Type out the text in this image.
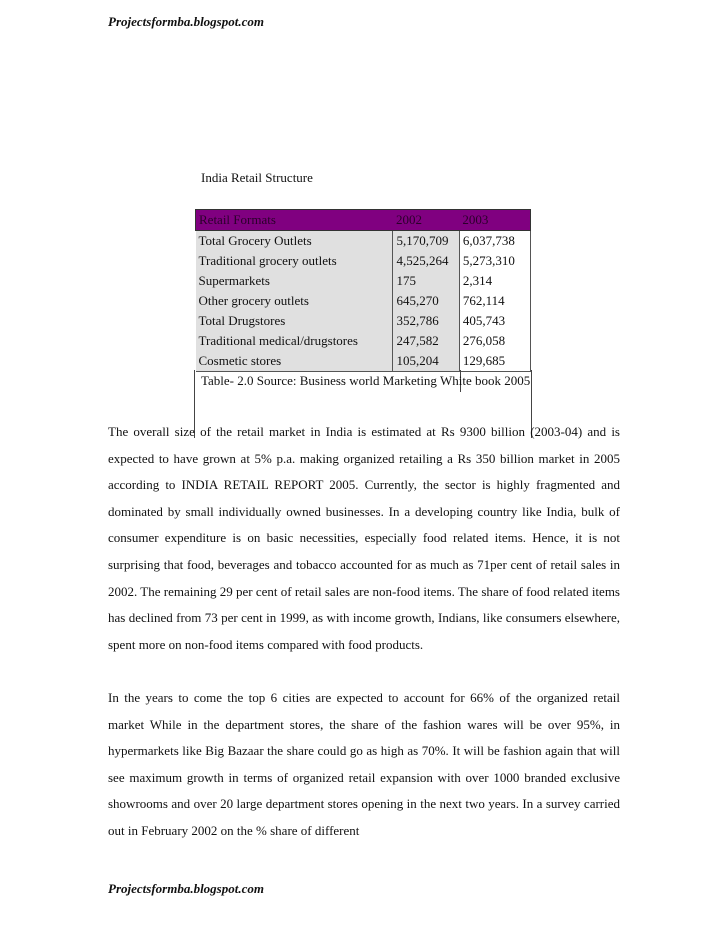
Projectsformba.blogspot.com
India Retail Structure
Retail Formats	2002	2003
Total Grocery Outlets	5,170,709	6,037,738
Traditional grocery outlets	4,525,264	5,273,310
Supermarkets	175	2,314
Other grocery outlets	645,270	762,114
Total Drugstores	352,786	405,743
Traditional medical/drugstores	247,582	276,058
Cosmetic stores	105,204	129,685
Table- 2.0 Source: Business world Marketing White book 2005

The overall size of the retail market in India is estimated at Rs 9300 billion (2003-04) and is expected to have grown at 5% p.a. making organized retailing a Rs 350 billion market in 2005 according to INDIA RETAIL REPORT 2005. Currently, the sector is highly fragmented and dominated by small individually owned businesses. In a developing country like India, bulk of consumer expenditure is on basic necessities, especially food related items. Hence, it is not surprising that food, beverages and tobacco accounted for as much as 71per cent of retail sales in 2002. The remaining 29 per cent of retail sales are non-food items. The share of food related items has declined from 73 per cent in 1999, as with income growth, Indians, like consumers elsewhere, spent more on non-food items compared with food products.

In the years to come the top 6 cities are expected to account for 66% of the organized retail market While in the department stores, the share of the fashion wares will be over 95%, in hypermarkets like Big Bazaar the share could go as high as 70%. It will be fashion again that will see maximum growth in terms of organized retail expansion with over 1000 branded exclusive showrooms and over 20 large department stores opening in the next two years. In a survey carried out in February 2002 on the % share of different

Projectsformba.blogspot.com
